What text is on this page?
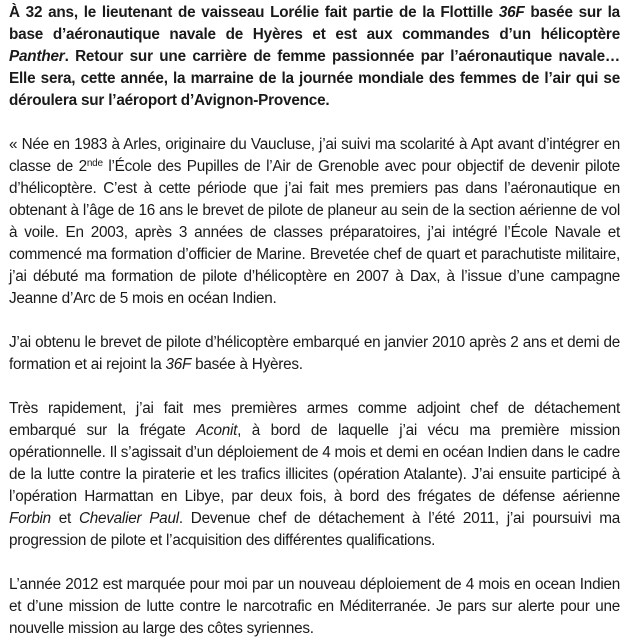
À 32 ans, le lieutenant de vaisseau Lorélie fait partie de la Flottille 36F basée sur la base d’aéronautique navale de Hyères et est aux commandes d’un hélicoptère Panther. Retour sur une carrière de femme passionnée par l’aéronautique navale… Elle sera, cette année, la marraine de la journée mondiale des femmes de l’air qui se déroulera sur l’aéroport d’Avignon-Provence.

« Née en 1983 à Arles, originaire du Vaucluse, j’ai suivi ma scolarité à Apt avant d’intégrer en classe de 2nde l’École des Pupilles de l’Air de Grenoble avec pour objectif de devenir pilote d’hélicoptère. C’est à cette période que j’ai fait mes premiers pas dans l’aéronautique en obtenant à l’âge de 16 ans le brevet de pilote de planeur au sein de la section aérienne de vol à voile. En 2003, après 3 années de classes préparatoires, j’ai intégré l’École Navale et commencé ma formation d’officier de Marine. Brevetée chef de quart et parachutiste militaire, j’ai débuté ma formation de pilote d’hélicoptère en 2007 à Dax, à l’issue d’une campagne Jeanne d’Arc de 5 mois en océan Indien.

J’ai obtenu le brevet de pilote d’hélicoptère embarqué en janvier 2010 après 2 ans et demi de formation et ai rejoint la 36F basée à Hyères.

Très rapidement, j’ai fait mes premières armes comme adjoint chef de détachement embarqué sur la frégate Aconit, à bord de laquelle j’ai vécu ma première mission opérationnelle. Il s’agissait d’un déploiement de 4 mois et demi en océan Indien dans le cadre de la lutte contre la piraterie et les trafics illicites (opération Atalante). J’ai ensuite participé à l’opération Harmattan en Libye, par deux fois, à bord des frégates de défense aérienne Forbin et Chevalier Paul. Devenue chef de détachement à l’été 2011, j’ai poursuivi ma progression de pilote et l’acquisition des différentes qualifications.

L’année 2012 est marquée pour moi par un nouveau déploiement de 4 mois en ocean Indien et d’une mission de lutte contre le narcotrafic en Méditerranée. Je pars sur alerte pour une nouvelle mission au large des côtes syriennes.
